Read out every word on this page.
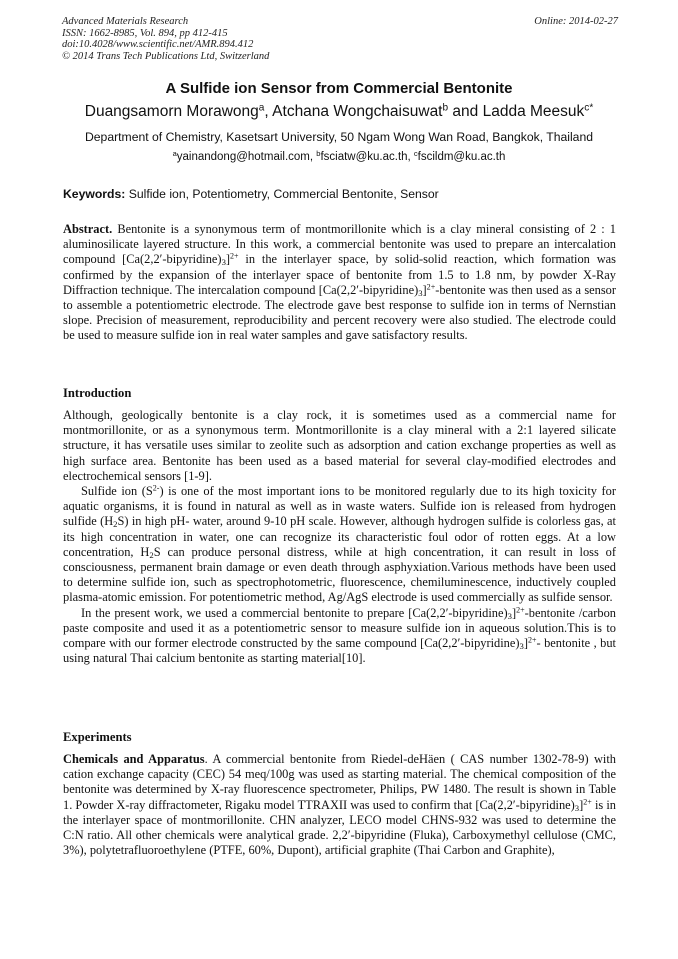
Advanced Materials Research
ISSN: 1662-8985, Vol. 894, pp 412-415
doi:10.4028/www.scientific.net/AMR.894.412
© 2014 Trans Tech Publications Ltd, Switzerland
Online: 2014-02-27
A Sulfide ion Sensor from Commercial Bentonite
Duangsamorn Morawong$^a$, Atchana Wongchaisuwat$^b$ and Ladda Meesuk$^{c*}$
Department of Chemistry, Kasetsart University, 50 Ngam Wong Wan Road, Bangkok, Thailand
$^a$yainandong@hotmail.com, $^b$fsciatw@ku.ac.th, $^c$fscildm@ku.ac.th
Keywords: Sulfide ion, Potentiometry, Commercial Bentonite, Sensor

Abstract. Bentonite is a synonymous term of montmorillonite which is a clay mineral consisting of 2 : 1 aluminosilicate layered structure. In this work, a commercial bentonite was used to prepare an intercalation compound $[Ca(2,2'-bipyridine)_3]^{2+}$ in the interlayer space, by solid-solid reaction, which formation was confirmed by the expansion of the interlayer space of bentonite from 1.5 to 1.8 nm, by powder X-Ray Diffraction technique. The intercalation compound $[Ca(2,2'-bipyridine)_3]^{2+}$-bentonite was then used as a sensor to assemble a potentiometric electrode. The electrode gave best response to sulfide ion in terms of Nernstian slope. Precision of measurement, reproducibility and percent recovery were also studied. The electrode could be used to measure sulfide ion in real water samples and gave satisfactory results.

Introduction

Although, geologically bentonite is a clay rock, it is sometimes used as a commercial name for montmorillonite, or as a synonymous term. Montmorillonite is a clay mineral with a 2:1 layered silicate structure, it has versatile uses similar to zeolite such as adsorption and cation exchange properties as well as high surface area. Bentonite has been used as a based material for several clay-modified electrodes and electrochemical sensors [1-9].

Sulfide ion $(S^{2-})$ is one of the most important ions to be monitored regularly due to its high toxicity for aquatic organisms, it is found in natural as well as in waste waters. Sulfide ion is released from hydrogen sulfide $(H_2S)$ in high pH- water, around 9-10 pH scale. However, although hydrogen sulfide is colorless gas, at its high concentration in water, one can recognize its characteristic foul odor of rotten eggs. At a low concentration, $H_2S$ can produce personal distress, while at high concentration, it can result in loss of consciousness, permanent brain damage or even death through asphyxiation.Various methods have been used to determine sulfide ion, such as spectrophotometric, fluorescence, chemiluminescence, inductively coupled plasma-atomic emission. For potentiometric method, Ag/AgS electrode is used commercially as sulfide sensor.

In the present work, we used a commercial bentonite to prepare $[Ca(2,2'-bipyridine)_3]^{2+}$-bentonite /carbon paste composite and used it as a potentiometric sensor to measure sulfide ion in aqueous solution.This is to compare with our former electrode constructed by the same compound $[Ca(2,2'-bipyridine)_3]^{2+}-$ bentonite , but using natural Thai calcium bentonite as starting material[10].

Experiments

Chemicals and Apparatus. A commercial bentonite from Riedel-deHäen ( CAS number 1302-78-9) with cation exchange capacity (CEC) 54 meq/100g was used as starting material. The chemical composition of the bentonite was determined by X-ray fluorescence spectrometer, Philips, PW 1480. The result is shown in Table 1. Powder X-ray diffractometer, Rigaku model TTRAXII was used to confirm that $[Ca(2,2'-bipyridine)_3]^{2+}$ is in the interlayer space of montmorillonite. CHN analyzer, LECO model CHNS-932 was used to determine the C:N ratio. All other chemicals were analytical grade. 2,2′-bipyridine (Fluka), Carboxymethyl cellulose (CMC, 3%), polytetrafluoroethylene (PTFE, 60%, Dupont), artificial graphite (Thai Carbon and Graphite),
